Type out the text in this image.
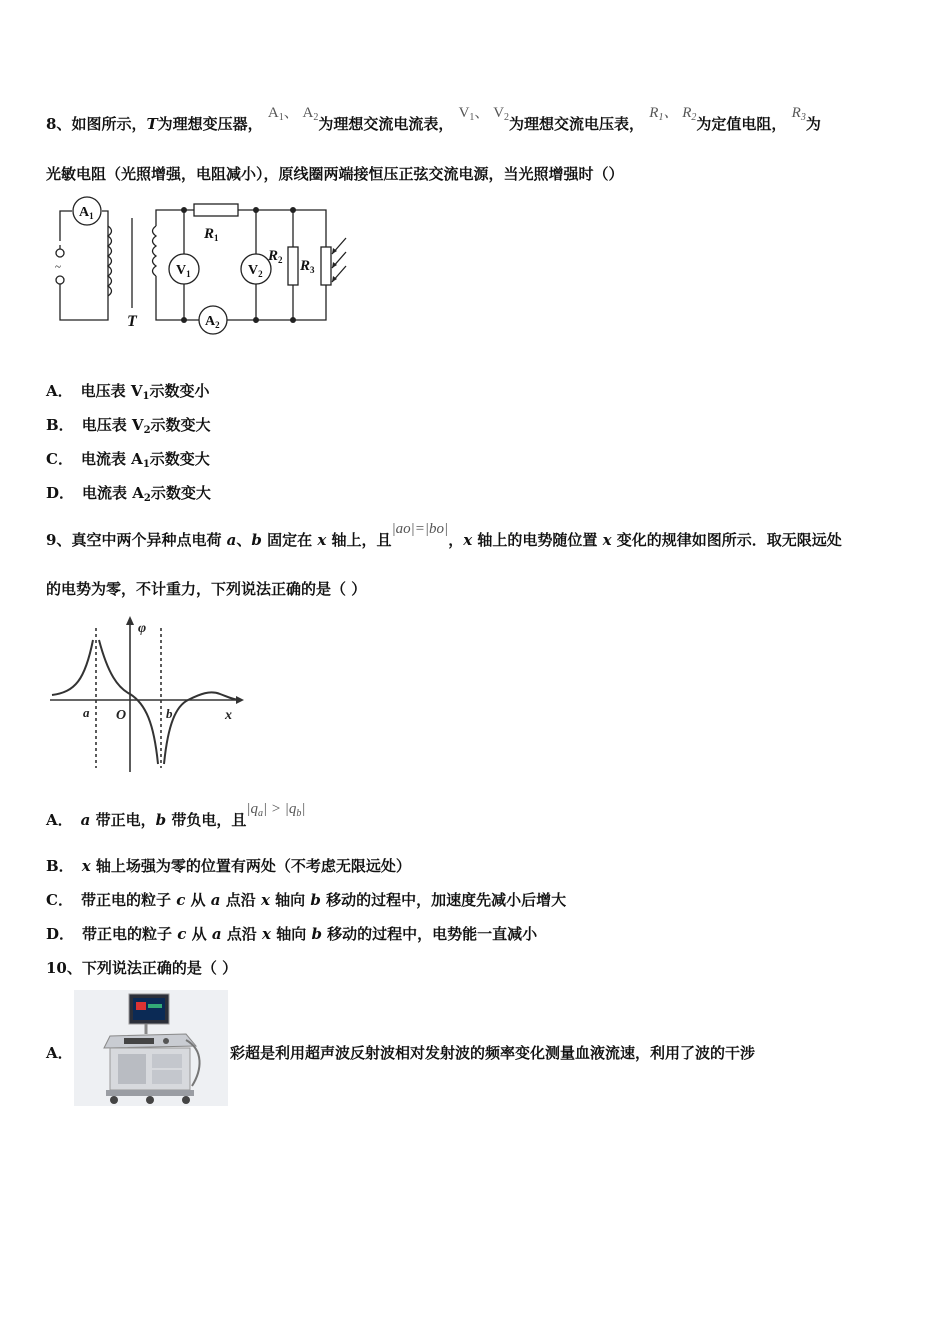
8、如图所示，T为理想变压器， $A_1$、 $A_2$为理想交流电流表， $V_1$、 $V_2$为理想交流电压表， $R_1$、 $R_2$为定值电阻， $R_3$为
光敏电阻（光照增强，电阻减小），原线圈两端接恒压正弦交流电源，当光照增强时（）
$A_1$
$A_2$
$V_1$	$V_2$
$R_1$
$R_2$ $R_3$
T
~
A． 电压表 $V_1$示数变小
B． 电压表 $V_2$示数变大
C． 电流表 $A_1$示数变大
D． 电流表 $A_2$示数变大
9、真空中两个异种点电荷 a、b 固定在 x 轴上，且|ao|=|bo|，x 轴上的电势随位置 x 变化的规律如图所示．取无限远处
的电势为零，不计重力，下列说法正确的是（ ）
φ
a O	b	x
A． a 带正电，b 带负电，且$|q_a| > |q_b|$
B． x 轴上场强为零的位置有两处（不考虑无限远处）
C． 带正电的粒子 c 从 a 点沿 x 轴向 b 移动的过程中，加速度先减小后增大
D． 带正电的粒子 c 从 a 点沿 x 轴向 b 移动的过程中，电势能一直减小
10、下列说法正确的是（ ）
A．	彩超是利用超声波反射波相对发射波的频率变化测量血液流速，利用了波的干涉
